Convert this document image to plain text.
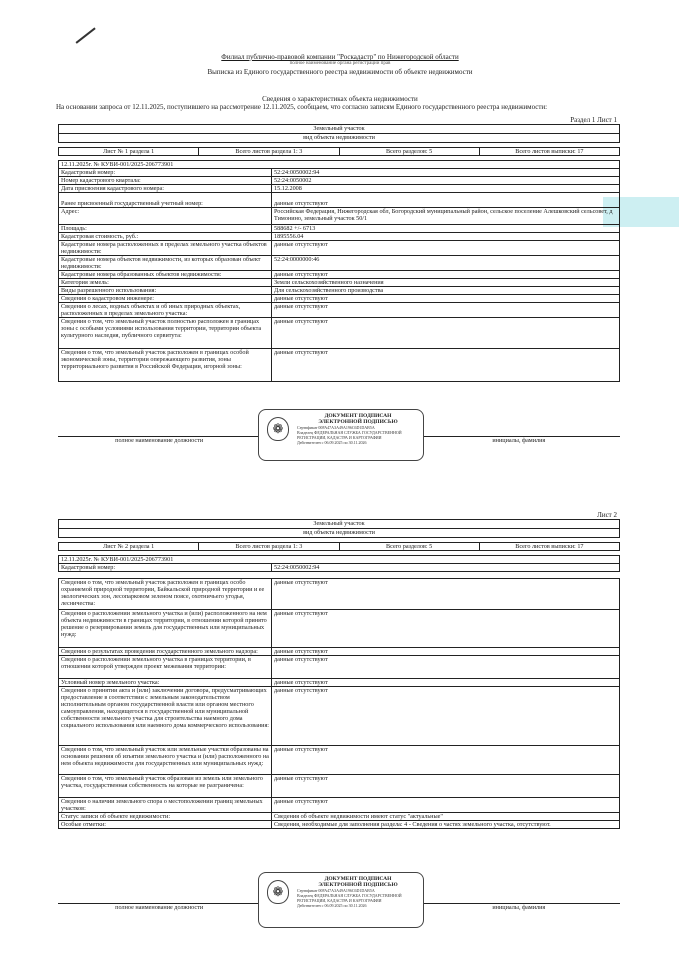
Филиал публично-правовой компании "Роскадастр" по Нижегородской области
полное наименование органа регистрации прав
Выписка из Единого государственного реестра недвижимости об объекте недвижимости
Сведения о характеристиках объекта недвижимости
На основании запроса от 12.11.2025, поступившего на рассмотрение 12.11.2025, сообщаем, что согласно записям Единого государственного реестра недвижимости:
Раздел 1 Лист 1
Земельный участок
вид объекта недвижимости

Лист № 1 раздела 1	Всего листов раздела 1: 3	Всего разделов: 5	Всего листов выписки: 17
12.11.2025г. № КУВИ-001/2025-206773901	
Кадастровый номер:	52:24:0050002:94
Номер кадастрового квартала:	52:24:0050002
Дата присвоения кадастрового номера:	15.12.2008
Ранее присвоенный государственный учетный номер:	данные отсутствуют
Адрес:	Российская Федерация, Нижегородская обл, Богородский муниципальный район, сельское поселение Алешковский сельсовет, д Тимонино, земельный участок 50/1
Площадь:	588682 +/- 6713
Кадастровая стоимость, руб.:	1895556.04
Кадастровые номера расположенных в пределах земельного участка объектов недвижимости:	данные отсутствуют
Кадастровые номера объектов недвижимости, из которых образован объект недвижимости:	52:24:0000000:46
Кадастровые номера образованных объектов недвижимости:	данные отсутствуют
Категория земель:	Земли сельскохозяйственного назначения
Виды разрешенного использования:	Для сельскохозяйственного производства
Сведения о кадастровом инженере:	данные отсутствуют
Сведения о лесах, водных объектах и об иных природных объектах, расположенных в пределах земельного участка:	данные отсутствуют
Сведения о том, что земельный участок полностью расположен в границах зоны с особыми условиями использования территории, территории объекта культурного наследия, публичного сервитута:	данные отсутствуют
Сведения о том, что земельный участок расположен в границах особой экономической зоны, территории опережающего развития, зоны территориального развития в Российской Федерации, игорной зоны:	данные отсутствуют
полное наименование должности		инициалы, фамилия
❁
ДОКУМЕНТ ПОДПИСАН
ЭЛЕКТРОННОЙ ПОДПИСЬЮ
Сертификат 00FA47A3A49A196C6D1DAB5A
Владелец ФЕДЕРАЛЬНАЯ СЛУЖБА ГОСУДАРСТВЕННОЙ
РЕГИСТРАЦИИ, КАДАСТРА И КАРТОГРАФИИ
Действителен с 06.09.2025 по 30.11.2026
Лист 2
Земельный участок
вид объекта недвижимости

Лист № 2 раздела 1	Всего листов раздела 1: 3	Всего разделов: 5	Всего листов выписки: 17
12.11.2025г. № КУВИ-001/2025-206773901	
Кадастровый номер:	52:24:0050002:94

Сведения о том, что земельный участок расположен в границах особо охраняемой природной территории, Байкальской природной территории и ее экологических зон, лесопарковом зеленом поясе, охотничьего угодья, лесничества:	данные отсутствуют
Сведения о расположении земельного участка и (или) расположенного на нем объекта недвижимости в границах территории, в отношении которой принято решение о резервировании земель для государственных или муниципальных нужд:	данные отсутствуют
Сведения о результатах проведения государственного земельного надзора:	данные отсутствуют
Сведения о расположении земельного участка в границах территории, в отношении которой утвержден проект межевания территории:	данные отсутствуют
Условный номер земельного участка:	данные отсутствуют
Сведения о принятии акта и (или) заключении договора, предусматривающих предоставление в соответствии с земельным законодательством исполнительным органом государственной власти или органом местного самоуправления, находящегося в государственной или муниципальной собственности земельного участка для строительства наемного дома социального использования или наемного дома коммерческого использования:	данные отсутствуют
Сведения о том, что земельный участок или земельные участки образованы на основании решения об изъятии земельного участка и (или) расположенного на нем объекта недвижимости для государственных или муниципальных нужд:	данные отсутствуют
Сведения о том, что земельный участок образован из земель или земельного участка, государственная собственность на которые не разграничена:	данные отсутствуют
Сведения о наличии земельного спора о местоположении границ земельных участков:	данные отсутствуют
Статус записи об объекте недвижимости:	Сведения об объекте недвижимости имеют статус "актуальные"
Особые отметки:	Сведения, необходимые для заполнения раздела: 4 - Сведения о частях земельного участка, отсутствуют.
полное наименование должности		инициалы, фамилия
❁
ДОКУМЕНТ ПОДПИСАН
ЭЛЕКТРОННОЙ ПОДПИСЬЮ
Сертификат 00FA47A3A49A196C6D1DAB5A
Владелец ФЕДЕРАЛЬНАЯ СЛУЖБА ГОСУДАРСТВЕННОЙ
РЕГИСТРАЦИИ, КАДАСТРА И КАРТОГРАФИИ
Действителен с 06.09.2025 по 30.11.2026
